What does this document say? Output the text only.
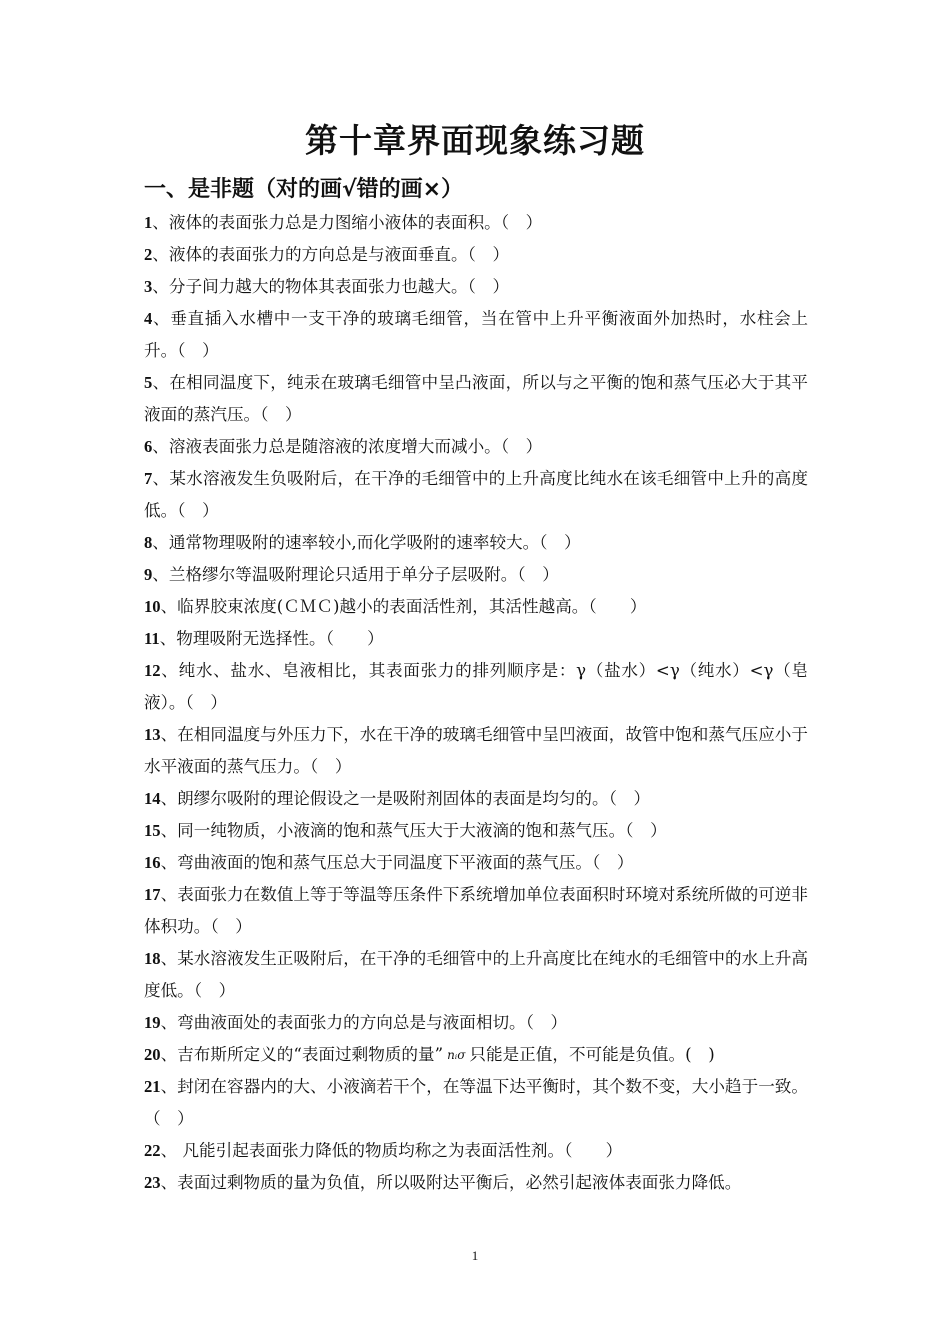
第十章界面现象练习题
一、是非题（对的画√错的画×）
1、液体的表面张力总是力图缩小液体的表面积。（　）
2、液体的表面张力的方向总是与液面垂直。（　）
3、分子间力越大的物体其表面张力也越大。（　）
4、垂直插入水槽中一支干净的玻璃毛细管，当在管中上升平衡液面外加热时，水柱会上升。（　）
5、在相同温度下，纯汞在玻璃毛细管中呈凸液面，所以与之平衡的饱和蒸气压必大于其平液面的蒸汽压。（　）
6、溶液表面张力总是随溶液的浓度增大而减小。（　）
7、某水溶液发生负吸附后，在干净的毛细管中的上升高度比纯水在该毛细管中上升的高度低。（　）
8、通常物理吸附的速率较小,而化学吸附的速率较大。（　）
9、兰格缪尔等温吸附理论只适用于单分子层吸附。（　）
10、临界胶束浓度(ＣＭＣ)越小的表面活性剂，其活性越高。（　　）
11、物理吸附无选择性。（　　）
12、纯水、盐水、皂液相比，其表面张力的排列顺序是：γ（盐水）<γ（纯水）<γ（皂液）。（　）
13、在相同温度与外压力下，水在干净的玻璃毛细管中呈凹液面，故管中饱和蒸气压应小于水平液面的蒸气压力。（　）
14、朗缪尔吸附的理论假设之一是吸附剂固体的表面是均匀的。（　）
15、同一纯物质，小液滴的饱和蒸气压大于大液滴的饱和蒸气压。（　）
16、弯曲液面的饱和蒸气压总大于同温度下平液面的蒸气压。（　）
17、表面张力在数值上等于等温等压条件下系统增加单位表面积时环境对系统所做的可逆非体积功。（　）
18、某水溶液发生正吸附后，在干净的毛细管中的上升高度比在纯水的毛细管中的水上升高度低。（　）
19、弯曲液面处的表面张力的方向总是与液面相切。（　）
20、吉布斯所定义的“表面过剩物质的量” nᵢσ 只能是正值，不可能是负值。(　)
21、封闭在容器内的大、小液滴若干个，在等温下达平衡时，其个数不变，大小趋于一致。（　）
22、 凡能引起表面张力降低的物质均称之为表面活性剂。（　　）
23、表面过剩物质的量为负值，所以吸附达平衡后，必然引起液体表面张力降低。
1
